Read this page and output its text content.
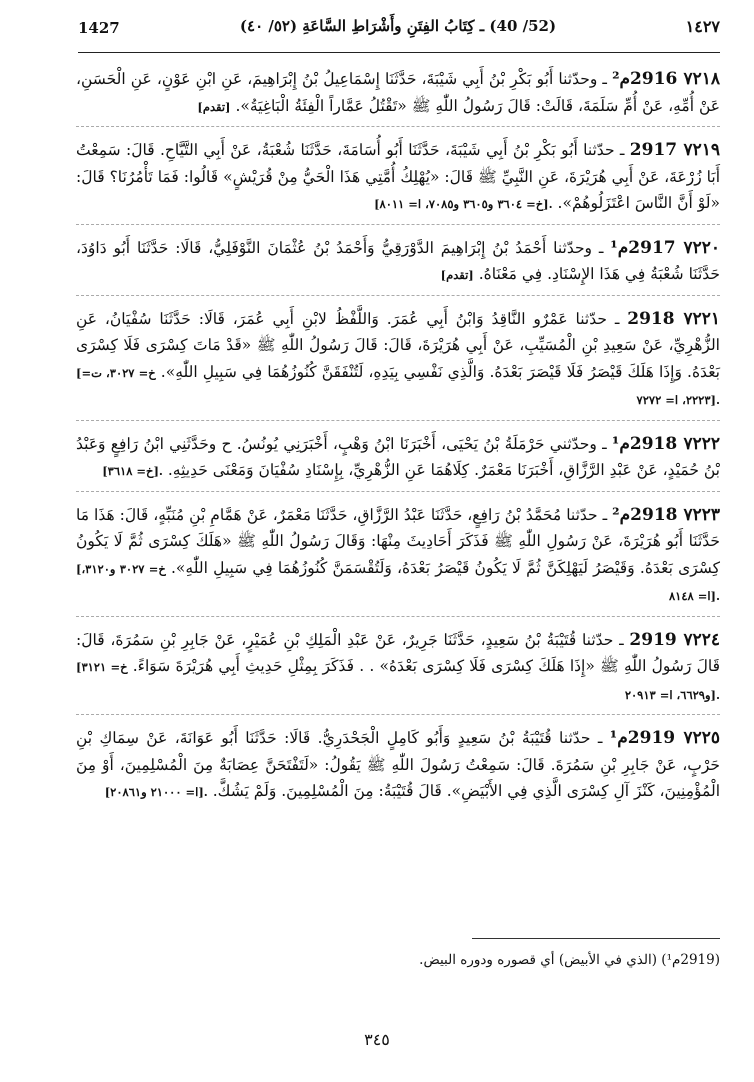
1427	(52/ 40) ـ كِتَابُ الفِتَنِ وأَشْرَاطِ السَّاعَةِ (٥٢/ ٤٠)	١٤٢٧

٧٢١٨ 2916م² ـ وحدّثنا أَبُو بَكْرِ بْنُ أَبِي شَيْبَةَ، حَدَّثَنَا إِسْمَاعِيلُ بْنُ إِبْرَاهِيمَ، عَنِ ابْنِ عَوْنٍ، عَنِ الْحَسَنِ، عَنْ أُمِّهِ، عَنْ أُمِّ سَلَمَةَ، قَالَتْ: قَالَ رَسُولُ اللّٰهِ ﷺ «تَقْتُلُ عَمَّاراً الْفِئَةُ الْبَاغِيَةُ». [تقدم]

٧٢١٩ 2917 ـ حدّثنا أَبُو بَكْرِ بْنُ أَبِي شَيْبَةَ، حَدَّثَنَا أَبُو أُسَامَةَ، حَدَّثَنَا شُعْبَةُ، عَنْ أَبِي التَّيَّاحِ. قَالَ: سَمِعْتُ أَبَا زُرْعَةَ، عَنْ أَبِي هُرَيْرَةَ، عَنِ النَّبِيِّ ﷺ قَالَ: «يُهْلِكُ أُمَّتِي هَذَا الْحَيُّ مِنْ قُرَيْشٍ» قَالُوا: فَمَا تَأْمُرُنَا؟ قَالَ: «لَوْ أَنَّ النَّاسَ اعْتَزَلُوهُمْ». [خ= ٣٦٠٤ و٣٦٠٥ و٧٠٨٥، ا= ٨٠١١].

٧٢٢٠ 2917م¹ ـ وحدّثنا أَحْمَدُ بْنُ إِبْرَاهِيمَ الدَّوْرَقِيُّ وَأَحْمَدُ بْنُ عُثْمَانَ النَّوْفَلِيُّ، قَالَا: حَدَّثَنَا أَبُو دَاوُدَ، حَدَّثَنَا شُعْبَةُ فِي هَذَا الإِسْنَادِ. فِي مَعْنَاهُ. [تقدم]

٧٢٢١ 2918 ـ حدّثنا عَمْرٌو النَّاقِدُ وَابْنُ أَبِي عُمَرَ. وَاللَّفْظُ لابْنِ أَبِي عُمَرَ، قَالَا: حَدَّثَنَا سُفْيَانُ، عَنِ الزُّهْرِيِّ، عَنْ سَعِيدِ بْنِ الْمُسَيِّبِ، عَنْ أَبِي هُرَيْرَةَ، قَالَ: قَالَ رَسُولُ اللّٰهِ ﷺ «قَدْ مَاتَ كِسْرَى فَلَا كِسْرَى بَعْدَهُ. وَإِذَا هَلَكَ قَيْصَرُ فَلَا قَيْصَرَ بَعْدَهُ. وَالَّذِي نَفْسِي بِيَدِهِ، لَتُنْفَقَنَّ كُنُوزُهُمَا فِي سَبِيلِ اللّٰهِ». [خ= ٣٠٢٧، ت= ٢٢٢٣، ا= ٧٢٧٢].

٧٢٢٢ 2918م¹ ـ وحدّثني حَرْمَلَةُ بْنُ يَحْيَى، أَخْبَرَنَا ابْنُ وَهْبٍ، أَخْبَرَنِي يُونُسُ. ح وحَدَّثَنِي ابْنُ رَافِعٍ وَعَبْدُ بْنُ حُمَيْدٍ، عَنْ عَبْدِ الرَّزَّاقِ، أَخْبَرَنَا مَعْمَرٌ. كِلَاهُمَا عَنِ الزُّهْرِيِّ، بِإِسْنَادِ سُفْيَانَ وَمَعْنَى حَدِيثِهِ. [خ= ٣٦١٨].

٧٢٢٣ 2918م² ـ حدّثنا مُحَمَّدُ بْنُ رَافِعٍ، حَدَّثَنَا عَبْدُ الرَّزَّاقِ، حَدَّثَنَا مَعْمَرٌ، عَنْ هَمَّامِ بْنِ مُنَبِّهٍ، قَالَ: هَذَا مَا حَدَّثَنَا أَبُو هُرَيْرَةَ، عَنْ رَسُولِ اللّٰهِ ﷺ فَذَكَرَ أَحَادِيثَ مِنْهَا: وَقَالَ رَسُولُ اللّٰهِ ﷺ «هَلَكَ كِسْرَى ثُمَّ لَا يَكُونُ كِسْرَى بَعْدَهُ. وَقَيْصَرُ لَيَهْلِكَنَّ ثُمَّ لَا يَكُونُ قَيْصَرُ بَعْدَهُ، وَلَتُقْسَمَنَّ كُنُوزُهُمَا فِي سَبِيلِ اللّٰهِ». [خ= ٣٠٢٧ و٣١٢٠، ا= ٨١٤٨].

٧٢٢٤ 2919 ـ حدّثنا قُتَيْبَةُ بْنُ سَعِيدٍ، حَدَّثَنَا جَرِيرٌ، عَنْ عَبْدِ الْمَلِكِ بْنِ عُمَيْرٍ، عَنْ جَابِرِ بْنِ سَمُرَةَ، قَالَ: قَالَ رَسُولُ اللّٰهِ ﷺ «إِذَا هَلَكَ كِسْرَى فَلَا كِسْرَى بَعْدَهُ» . . فَذَكَرَ بِمِثْلِ حَدِيثِ أَبِي هُرَيْرَةَ سَوَاءً. [خ= ٣١٢١ و٦٦٢٩، ا= ٢٠٩١٣].

٧٢٢٥ 2919م¹ ـ حدّثنا قُتَيْبَةُ بْنُ سَعِيدٍ وَأَبُو كَامِلٍ الْجَحْدَرِيُّ. قَالَا: حَدَّثَنَا أَبُو عَوَانَةَ، عَنْ سِمَاكِ بْنِ حَرْبٍ، عَنْ جَابِرِ بْنِ سَمُرَةَ. قَالَ: سَمِعْتُ رَسُولَ اللّٰهِ ﷺ يَقُولُ: «لَتَفْتَحَنَّ عِصَابَةٌ مِنَ الْمُسْلِمِينَ، أَوْ مِنَ الْمُؤْمِنِينَ، كَنْزَ آلِ كِسْرَى الَّذِي فِي الأَبْيَضِ». قَالَ قُتَيْبَةُ: مِنَ الْمُسْلِمِينَ. وَلَمْ يَشُكَّ. [ا= ٢١٠٠٠ و٢٠٨٦١].

(2919م¹) (الذي في الأبيض) أي قصوره ودوره البيض.
٣٤٥
